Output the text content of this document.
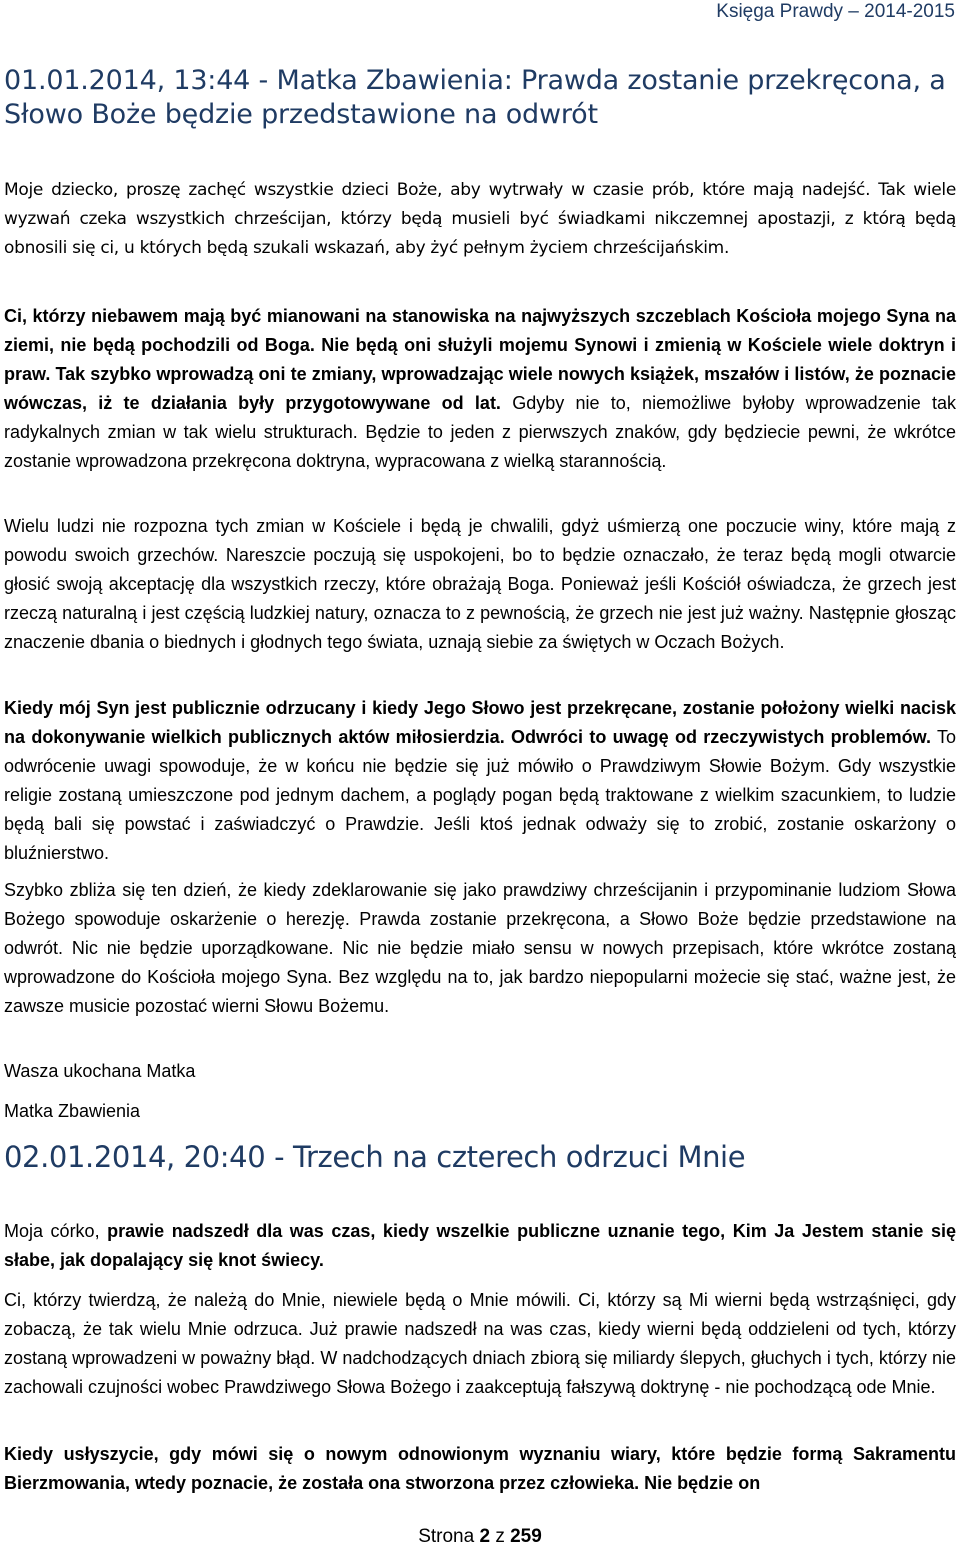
Księga Prawdy – 2014-2015
01.01.2014, 13:44 - Matka Zbawienia: Prawda zostanie przekręcona, a Słowo Boże będzie przedstawione na odwrót

Moje dziecko, proszę zachęć wszystkie dzieci Boże, aby wytrwały w czasie prób, które mają nadejść. Tak wiele wyzwań czeka wszystkich chrześcijan, którzy będą musieli być świadkami nikczemnej apostazji, z którą będą obnosili się ci, u których będą szukali wskazań, aby żyć pełnym życiem chrześcijańskim.

Ci, którzy niebawem mają być mianowani na stanowiska na najwyższych szczeblach Kościoła mojego Syna na ziemi, nie będą pochodzili od Boga. Nie będą oni służyli mojemu Synowi i zmienią w Kościele wiele doktryn i praw. Tak szybko wprowadzą oni te zmiany, wprowadzając wiele nowych książek, mszałów i listów, że poznacie wówczas, iż te działania były przygotowywane od lat. Gdyby nie to, niemożliwe byłoby wprowadzenie tak radykalnych zmian w tak wielu strukturach. Będzie to jeden z pierwszych znaków, gdy będziecie pewni, że wkrótce zostanie wprowadzona przekręcona doktryna, wypracowana z wielką starannością.

Wielu ludzi nie rozpozna tych zmian w Kościele i będą je chwalili, gdyż uśmierzą one poczucie winy, które mają z powodu swoich grzechów. Nareszcie poczują się uspokojeni, bo to będzie oznaczało, że teraz będą mogli otwarcie głosić swoją akceptację dla wszystkich rzeczy, które obrażają Boga. Ponieważ jeśli Kościół oświadcza, że grzech jest rzeczą naturalną i jest częścią ludzkiej natury, oznacza to z pewnością, że grzech nie jest już ważny. Następnie głosząc znaczenie dbania o biednych i głodnych tego świata, uznają siebie za świętych w Oczach Bożych.

Kiedy mój Syn jest publicznie odrzucany i kiedy Jego Słowo jest przekręcane, zostanie położony wielki nacisk na dokonywanie wielkich publicznych aktów miłosierdzia. Odwróci to uwagę od rzeczywistych problemów. To odwrócenie uwagi spowoduje, że w końcu nie będzie się już mówiło o Prawdziwym Słowie Bożym. Gdy wszystkie religie zostaną umieszczone pod jednym dachem, a poglądy pogan będą traktowane z wielkim szacunkiem, to ludzie będą bali się powstać i zaświadczyć o Prawdzie. Jeśli ktoś jednak odważy się to zrobić, zostanie oskarżony o bluźnierstwo.

Szybko zbliża się ten dzień, że kiedy zdeklarowanie się jako prawdziwy chrześcijanin i przypominanie ludziom Słowa Bożego spowoduje oskarżenie o herezję. Prawda zostanie przekręcona, a Słowo Boże będzie przedstawione na odwrót. Nic nie będzie uporządkowane. Nic nie będzie miało sensu w nowych przepisach, które wkrótce zostaną wprowadzone do Kościoła mojego Syna. Bez względu na to, jak bardzo niepopularni możecie się stać, ważne jest, że zawsze musicie pozostać wierni Słowu Bożemu.

Wasza ukochana Matka

Matka Zbawienia

02.01.2014, 20:40 - Trzech na czterech odrzuci Mnie

Moja córko, prawie nadszedł dla was czas, kiedy wszelkie publiczne uznanie tego, Kim Ja Jestem stanie się słabe, jak dopalający się knot świecy.

Ci, którzy twierdzą, że należą do Mnie, niewiele będą o Mnie mówili. Ci, którzy są Mi wierni będą wstrząśnięci, gdy zobaczą, że tak wielu Mnie odrzuca. Już prawie nadszedł na was czas, kiedy wierni będą oddzieleni od tych, którzy zostaną wprowadzeni w poważny błąd. W nadchodzących dniach zbiorą się miliardy ślepych, głuchych i tych, którzy nie zachowali czujności wobec Prawdziwego Słowa Bożego i zaakceptują fałszywą doktrynę - nie pochodzącą ode Mnie.

Kiedy usłyszycie, gdy mówi się o nowym odnowionym wyznaniu wiary, które będzie formą Sakramentu Bierzmowania, wtedy poznacie, że została ona stworzona przez człowieka. Nie będzie on

Strona 2 z 259
